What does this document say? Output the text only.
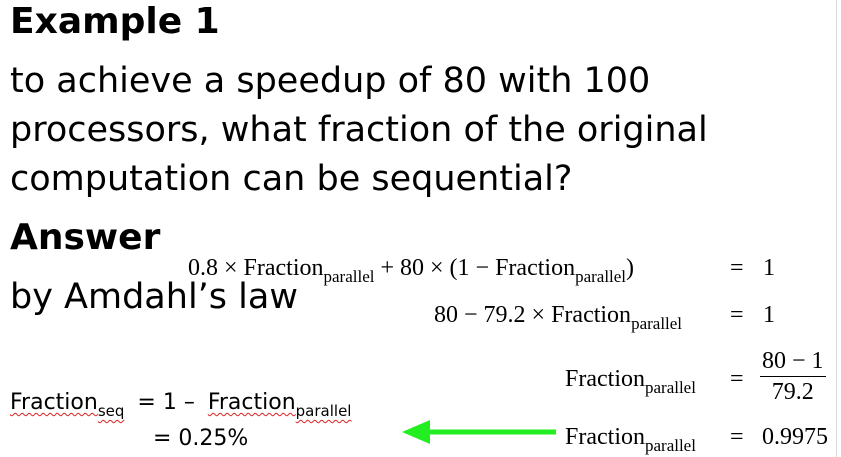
Example 1
to achieve a speedup of 80 with 100
processors, what fraction of the original
computation can be sequential?
Answer
by Amdahl’s law
0.8 × Fraction$_{parallel}$ + 80 × (1 − Fraction$_{parallel}$)	= 1
80 − 79.2 × Fraction$_{parallel}$ = 1
Fraction$_{parallel}$ = $\frac{80 - 1}{79.2}$
Fraction$_{parallel}$ = 0.9975
Fraction$_{seq}$ = 1 – Fraction$_{parallel}$
= 0.25%
